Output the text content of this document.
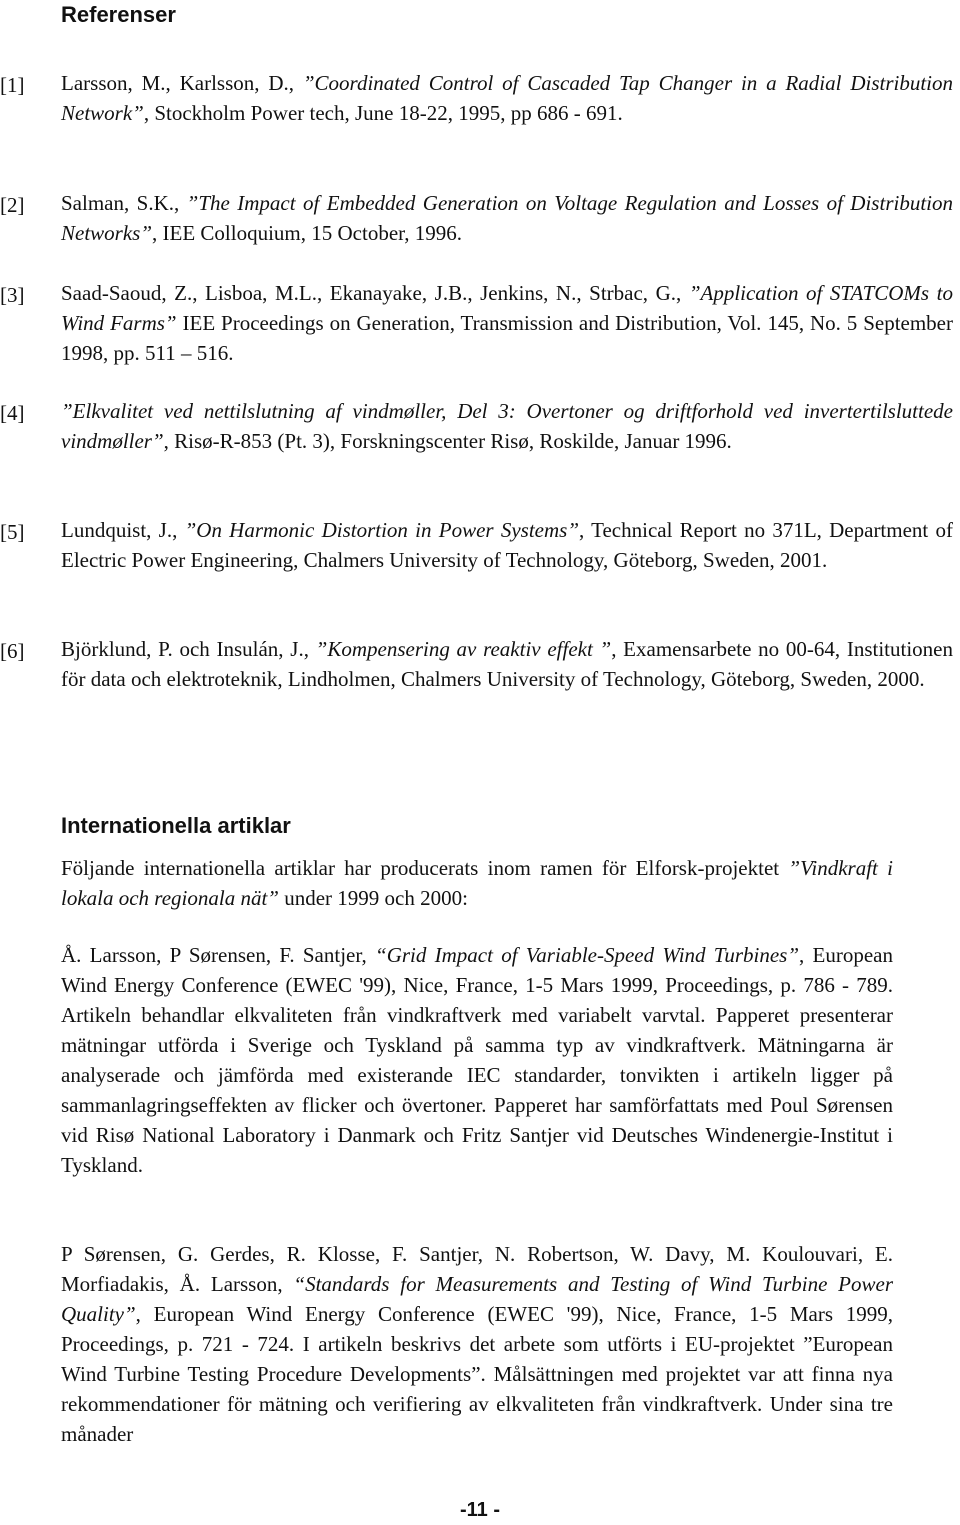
Referenser
[1] Larsson, M., Karlsson, D., ”Coordinated Control of Cascaded Tap Changer in a Radial Distribution Network”, Stockholm Power tech, June 18-22, 1995, pp 686 - 691.

[2] Salman, S.K., ”The Impact of Embedded Generation on Voltage Regulation and Losses of Distribution Networks”, IEE Colloquium, 15 October, 1996.

[3] Saad-Saoud, Z., Lisboa, M.L., Ekanayake, J.B., Jenkins, N., Strbac, G., ”Application of STATCOMs to Wind Farms” IEE Proceedings on Generation, Transmission and Distribution, Vol. 145, No. 5 September 1998, pp. 511 – 516.

[4] ”Elkvalitet ved nettilslutning af vindmøller, Del 3: Overtoner og driftforhold ved invertertilsluttede vindmøller”, Risø-R-853 (Pt. 3), Forskningscenter Risø, Roskilde, Januar 1996.

[5] Lundquist, J., ”On Harmonic Distortion in Power Systems”, Technical Report no 371L, Department of Electric Power Engineering, Chalmers University of Technology, Göteborg, Sweden, 2001.

[6] Björklund, P. och Insulán, J., ”Kompensering av reaktiv effekt ”, Examensarbete no 00-64, Institutionen för data och elektroteknik, Lindholmen, Chalmers University of Technology, Göteborg, Sweden, 2000.

Internationella artiklar

Följande internationella artiklar har producerats inom ramen för Elforsk-projektet ”Vindkraft i lokala och regionala nät” under 1999 och 2000:

Å. Larsson, P Sørensen, F. Santjer, “Grid Impact of Variable-Speed Wind Turbines”, European Wind Energy Conference (EWEC '99), Nice, France, 1-5 Mars 1999, Proceedings, p. 786 - 789. Artikeln behandlar elkvaliteten från vindkraftverk med variabelt varvtal. Papperet presenterar mätningar utförda i Sverige och Tyskland på samma typ av vindkraftverk. Mätningarna är analyserade och jämförda med existerande IEC standarder, tonvikten i artikeln ligger på sammanlagringseffekten av flicker och övertoner. Papperet har samförfattats med Poul Sørensen vid Risø National Laboratory i Danmark och Fritz Santjer vid Deutsches Windenergie-Institut i Tyskland.

P Sørensen, G. Gerdes, R. Klosse, F. Santjer, N. Robertson, W. Davy, M. Koulouvari, E. Morfiadakis, Å. Larsson, “Standards for Measurements and Testing of Wind Turbine Power Quality”, European Wind Energy Conference (EWEC '99), Nice, France, 1-5 Mars 1999, Proceedings, p. 721 - 724. I artikeln beskrivs det arbete som utförts i EU-projektet ”European Wind Turbine Testing Procedure Developments”. Målsättningen med projektet var att finna nya rekommendationer för mätning och verifiering av elkvaliteten från vindkraftverk. Under sina tre månader

-11 -
